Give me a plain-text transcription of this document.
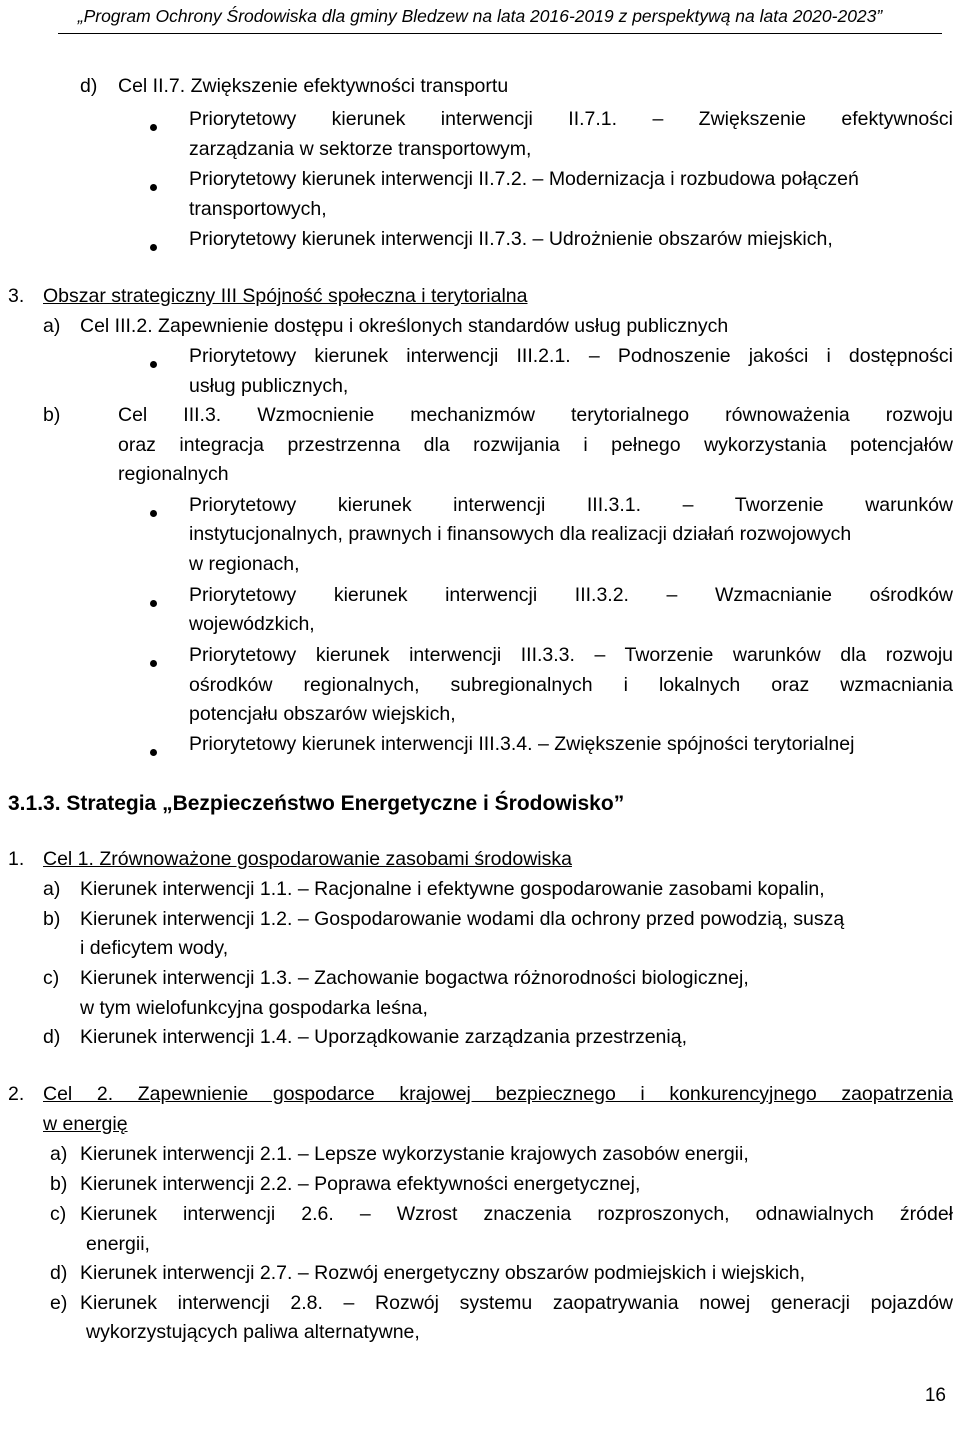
„Program Ochrony Środowiska dla gminy Bledzew na lata 2016-2019 z perspektywą na lata 2020-2023”
d) Cel II.7. Zwiększenie efektywności transportu
Priorytetowy kierunek interwencji II.7.1. – Zwiększenie efektywności
zarządzania w sektorze transportowym,
Priorytetowy kierunek interwencji II.7.2. – Modernizacja i rozbudowa połączeń
transportowych,
Priorytetowy kierunek interwencji II.7.3. – Udrożnienie obszarów miejskich,
3. Obszar strategiczny III Spójność społeczna i terytorialna
a) Cel III.2. Zapewnienie dostępu i określonych standardów usług publicznych
Priorytetowy kierunek interwencji III.2.1. – Podnoszenie jakości i dostępności
usług publicznych,
b)	Cel III.3. Wzmocnienie mechanizmów terytorialnego równoważenia rozwoju
oraz integracja przestrzenna dla rozwijania i pełnego wykorzystania potencjałów
regionalnych
Priorytetowy kierunek interwencji III.3.1. – Tworzenie warunków
instytucjonalnych, prawnych i finansowych dla realizacji działań rozwojowych
w regionach,
Priorytetowy kierunek interwencji III.3.2. – Wzmacnianie ośrodków
wojewódzkich,
Priorytetowy kierunek interwencji III.3.3. – Tworzenie warunków dla rozwoju
ośrodków regionalnych, subregionalnych i lokalnych oraz wzmacniania
potencjału obszarów wiejskich,
Priorytetowy kierunek interwencji III.3.4. – Zwiększenie spójności terytorialnej
3.1.3. Strategia „Bezpieczeństwo Energetyczne i Środowisko”
1. Cel 1. Zrównoważone gospodarowanie zasobami środowiska
a) Kierunek interwencji 1.1. – Racjonalne i efektywne gospodarowanie zasobami kopalin,
b) Kierunek interwencji 1.2. – Gospodarowanie wodami dla ochrony przed powodzią, suszą
i deficytem wody,
c) Kierunek interwencji 1.3. – Zachowanie bogactwa różnorodności biologicznej,
w tym wielofunkcyjna gospodarka leśna,
d) Kierunek interwencji 1.4. – Uporządkowanie zarządzania przestrzenią,
2. Cel 2. Zapewnienie gospodarce krajowej bezpiecznego i konkurencyjnego zaopatrzenia
w energię
a) Kierunek interwencji 2.1. – Lepsze wykorzystanie krajowych zasobów energii,
b) Kierunek interwencji 2.2. – Poprawa efektywności energetycznej,
c) Kierunek interwencji 2.6. – Wzrost znaczenia rozproszonych, odnawialnych źródeł
energii,
d) Kierunek interwencji 2.7. – Rozwój energetyczny obszarów podmiejskich i wiejskich,
e) Kierunek interwencji 2.8. – Rozwój systemu zaopatrywania nowej generacji pojazdów
wykorzystujących paliwa alternatywne,
16
